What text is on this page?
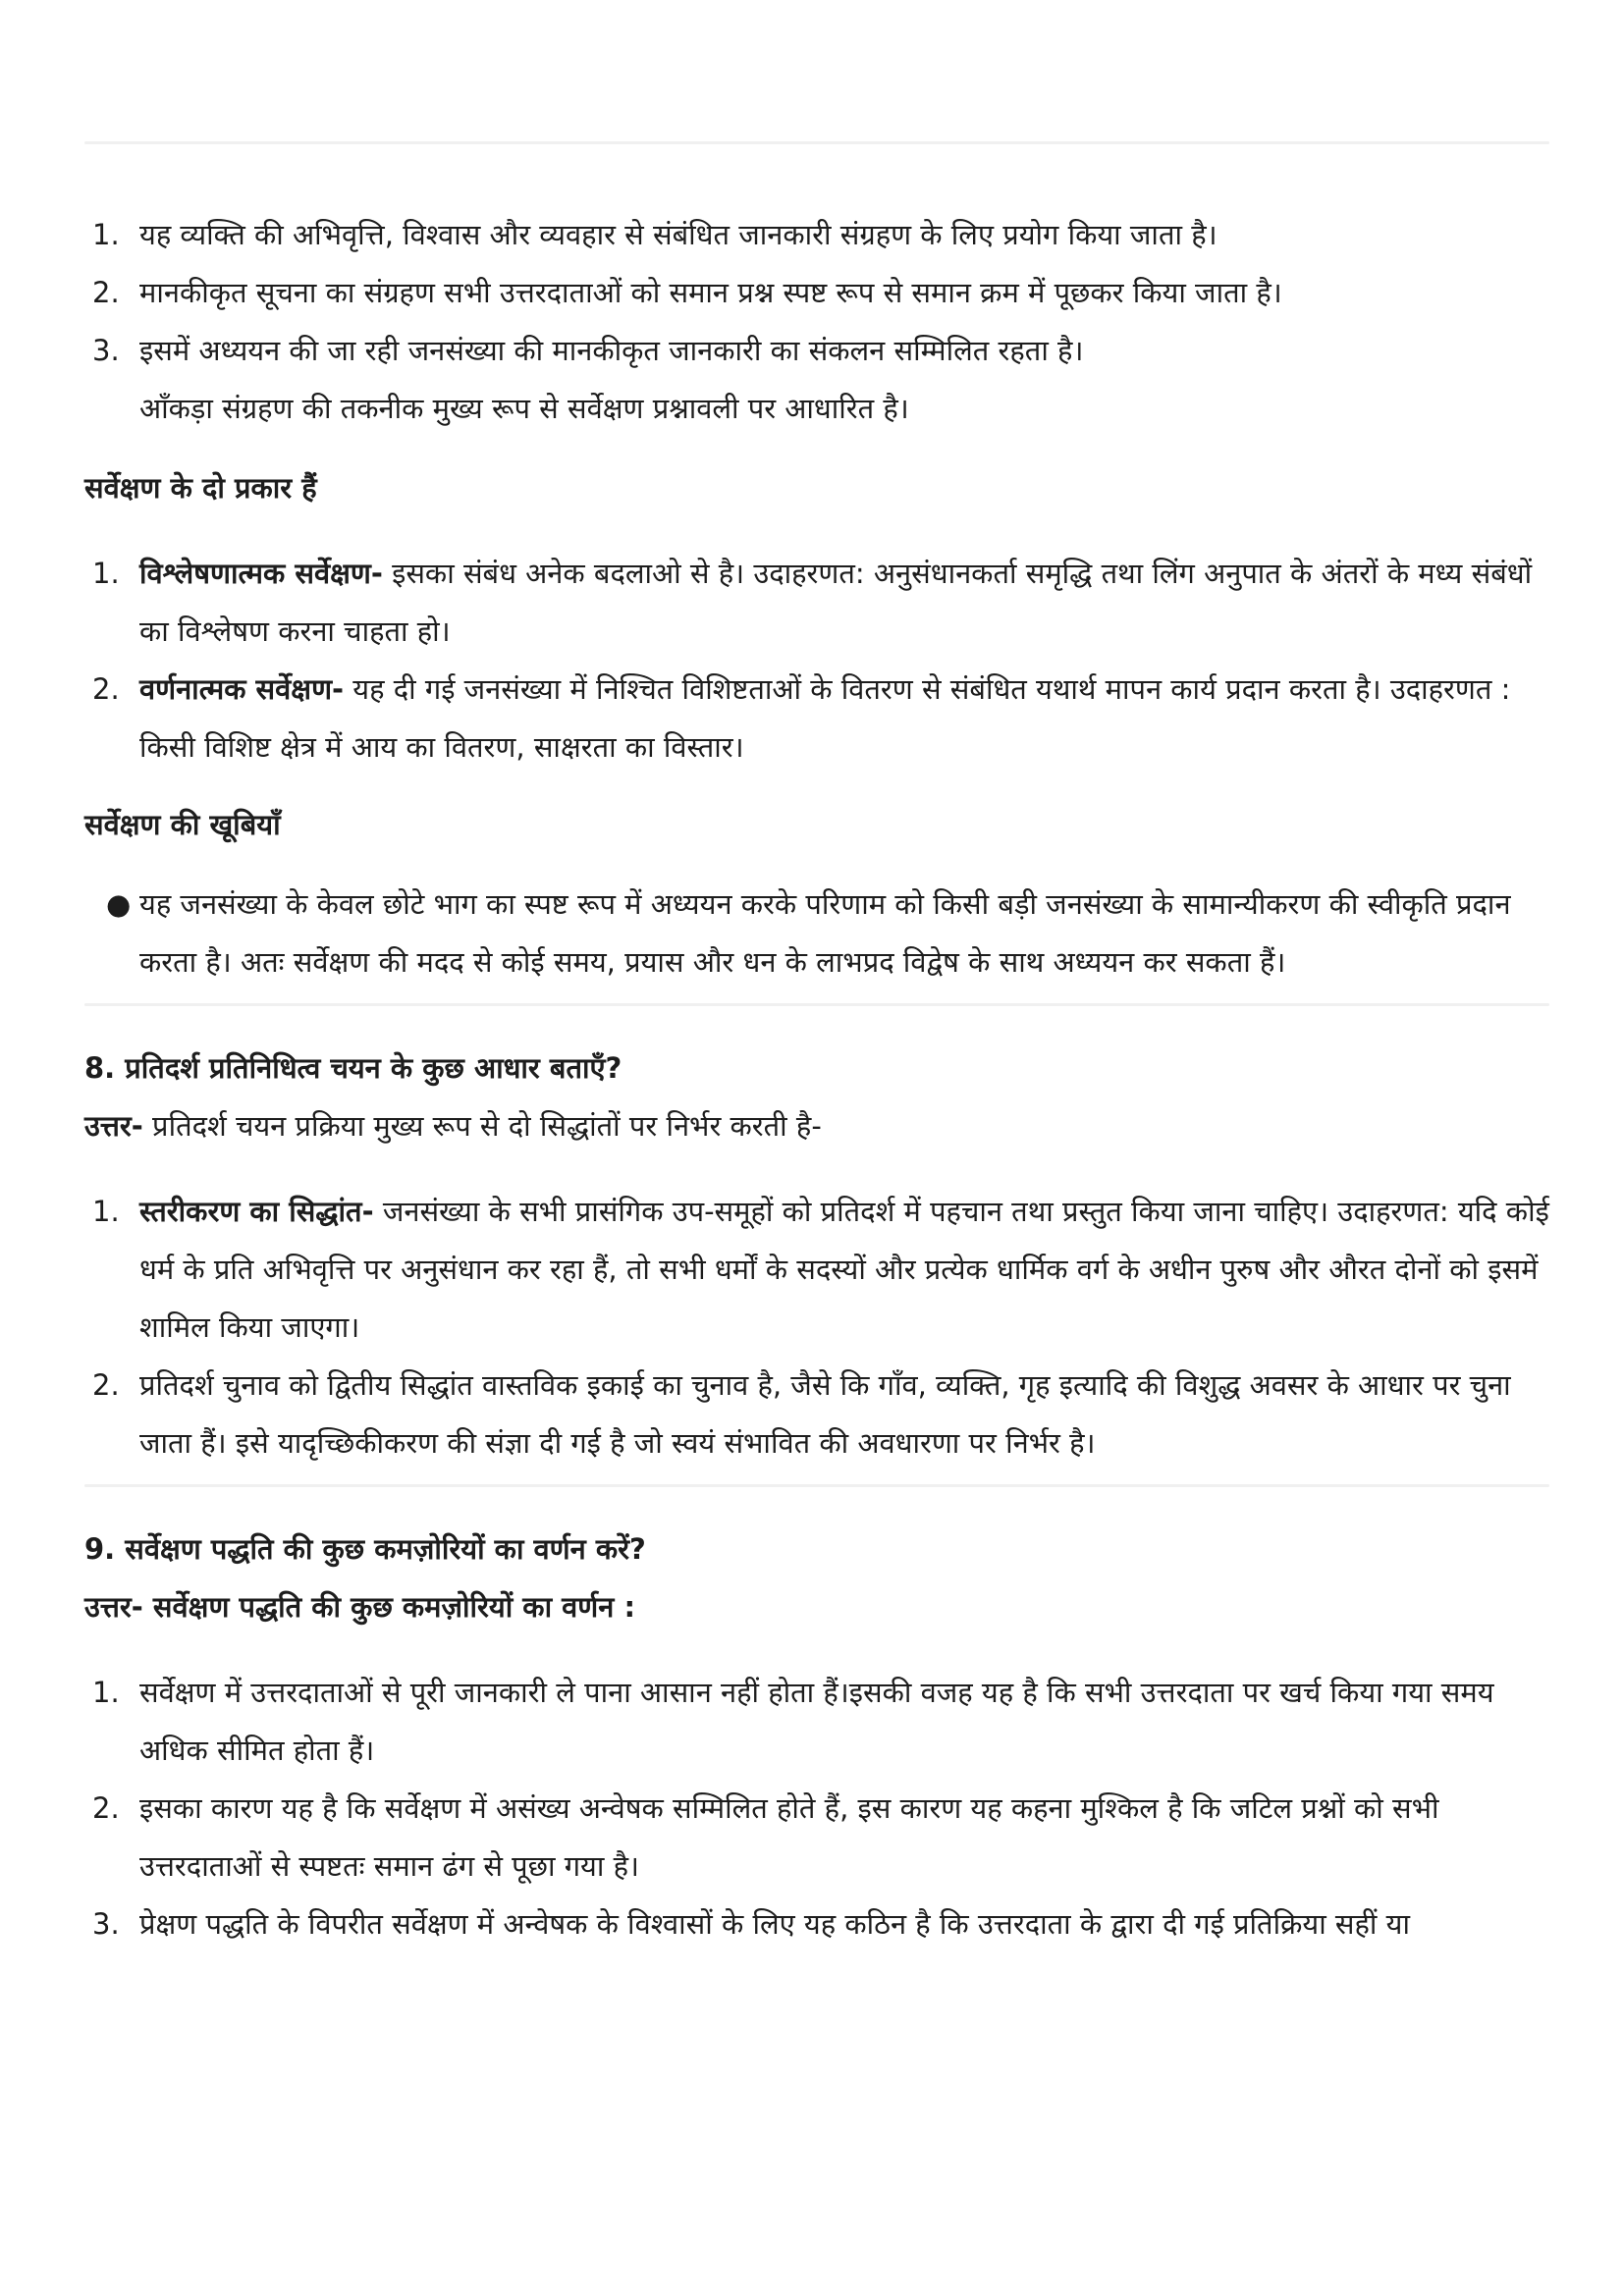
1. यह व्यक्ति की अभिवृत्ति, विश्वास और व्यवहार से संबंधित जानकारी संग्रहण के लिए प्रयोग किया जाता है।
2. मानकीकृत सूचना का संग्रहण सभी उत्तरदाताओं को समान प्रश्न स्पष्ट रूप से समान क्रम में पूछकर किया जाता है।
3. इसमें अध्ययन की जा रही जनसंख्या की मानकीकृत जानकारी का संकलन सम्मिलित रहता है।
आँकड़ा संग्रहण की तकनीक मुख्य रूप से सर्वेक्षण प्रश्नावली पर आधारित है।
सर्वेक्षण के दो प्रकार हैं
1. विश्लेषणात्मक सर्वेक्षण- इसका संबंध अनेक बदलाओ से है। उदाहरणत: अनुसंधानकर्ता समृद्धि तथा लिंग अनुपात के अंतरों के मध्य संबंधों का विश्लेषण करना चाहता हो।
2. वर्णनात्मक सर्वेक्षण- यह दी गई जनसंख्या में निश्चित विशिष्टताओं के वितरण से संबंधित यथार्थ मापन कार्य प्रदान करता है। उदाहरणत : किसी विशिष्ट क्षेत्र में आय का वितरण, साक्षरता का विस्तार।
सर्वेक्षण की खूबियाँ
● यह जनसंख्या के केवल छोटे भाग का स्पष्ट रूप में अध्ययन करके परिणाम को किसी बड़ी जनसंख्या के सामान्यीकरण की स्वीकृति प्रदान करता है। अतः सर्वेक्षण की मदद से कोई समय, प्रयास और धन के लाभप्रद विद्वेष के साथ अध्ययन कर सकता हैं।
8. प्रतिदर्श प्रतिनिधित्व चयन के कुछ आधार बताएँ?
उत्तर- प्रतिदर्श चयन प्रक्रिया मुख्य रूप से दो सिद्धांतों पर निर्भर करती है-
1. स्तरीकरण का सिद्धांत- जनसंख्या के सभी प्रासंगिक उप-समूहों को प्रतिदर्श में पहचान तथा प्रस्तुत किया जाना चाहिए। उदाहरणत: यदि कोई धर्म के प्रति अभिवृत्ति पर अनुसंधान कर रहा हैं, तो सभी धर्मों के सदस्यों और प्रत्येक धार्मिक वर्ग के अधीन पुरुष और औरत दोनों को इसमें शामिल किया जाएगा।
2. प्रतिदर्श चुनाव को द्वितीय सिद्धांत वास्तविक इकाई का चुनाव है, जैसे कि गाँव, व्यक्ति, गृह इत्यादि की विशुद्ध अवसर के आधार पर चुना जाता हैं। इसे यादृच्छिकीकरण की संज्ञा दी गई है जो स्वयं संभावित की अवधारणा पर निर्भर है।
9. सर्वेक्षण पद्धति की कुछ कमज़ोरियों का वर्णन करें?
उत्तर- सर्वेक्षण पद्धति की कुछ कमज़ोरियों का वर्णन :
1. सर्वेक्षण में उत्तरदाताओं से पूरी जानकारी ले पाना आसान नहीं होता हैं।इसकी वजह यह है कि सभी उत्तरदाता पर खर्च किया गया समय अधिक सीमित होता हैं।
2. इसका कारण यह है कि सर्वेक्षण में असंख्य अन्वेषक सम्मिलित होते हैं, इस कारण यह कहना मुश्किल है कि जटिल प्रश्नों को सभी उत्तरदाताओं से स्पष्टतः समान ढंग से पूछा गया है।
3. प्रेक्षण पद्धति के विपरीत सर्वेक्षण में अन्वेषक के विश्वासों के लिए यह कठिन है कि उत्तरदाता के द्वारा दी गई प्रतिक्रिया सहीं या
